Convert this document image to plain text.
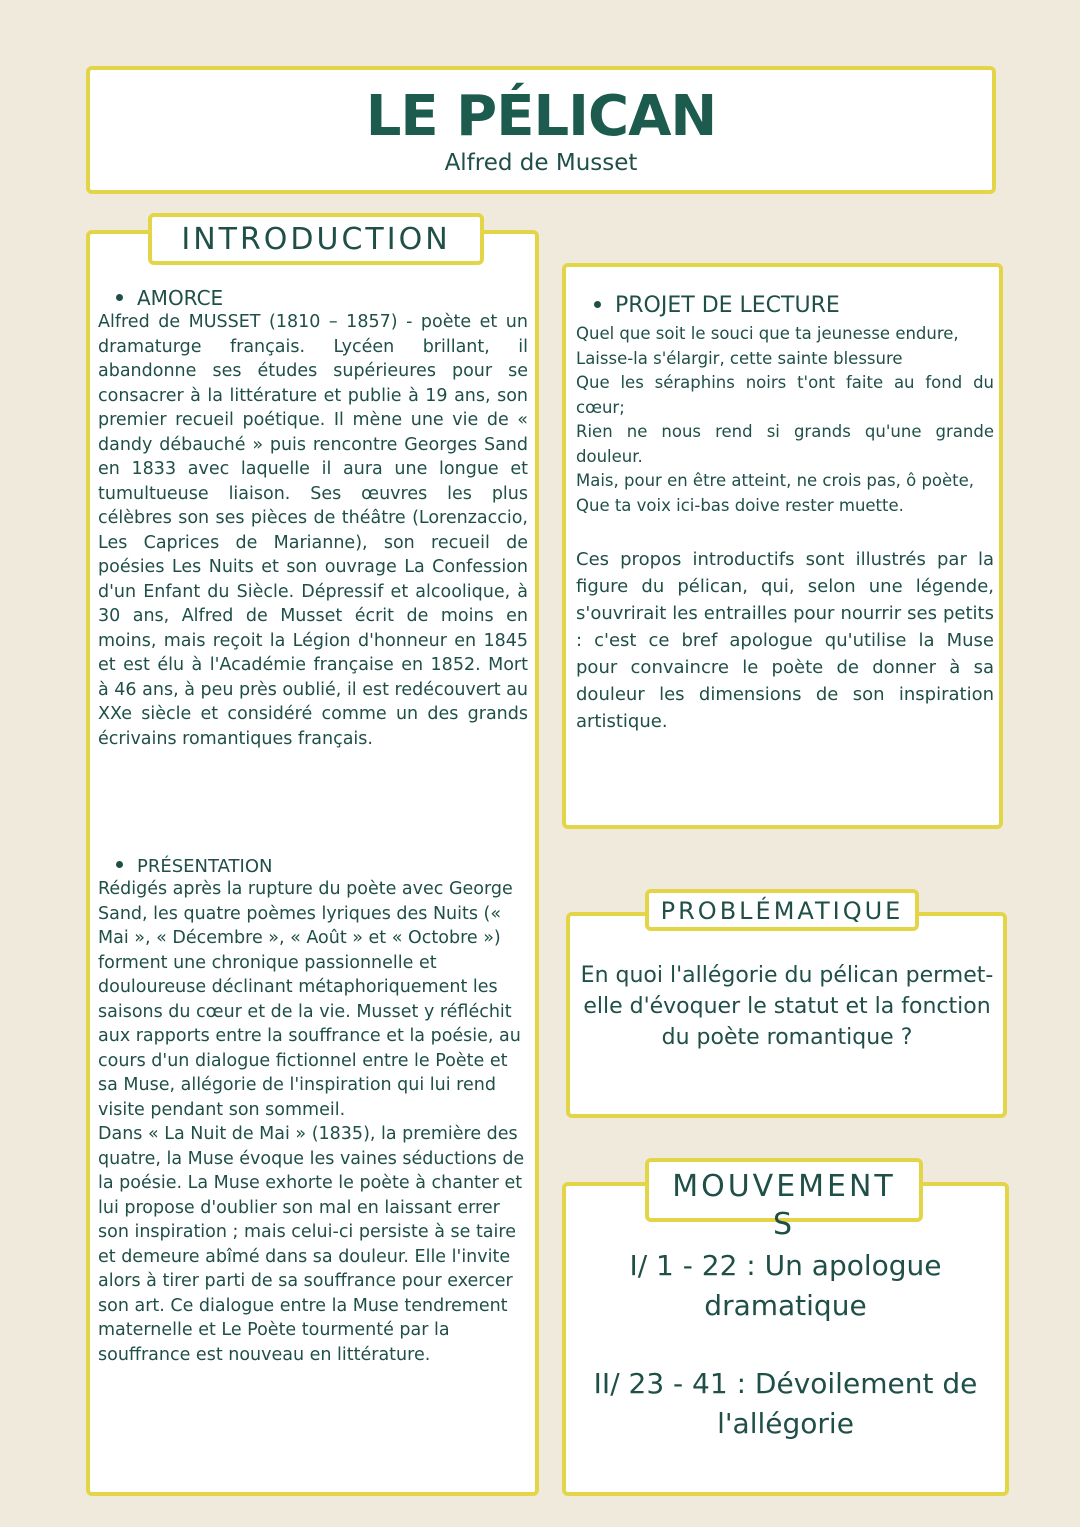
LE PÉLICAN
Alfred de Musset

AMORCE

Alfred de MUSSET (1810 – 1857) - poète et un dramaturge français. Lycéen brillant, il abandonne ses études supérieures pour se consacrer à la littérature et publie à 19 ans, son premier recueil poétique. Il mène une vie de « dandy débauché » puis rencontre Georges Sand en 1833 avec laquelle il aura une longue et tumultueuse liaison. Ses œuvres les plus célèbres son ses pièces de théâtre (Lorenzaccio, Les Caprices de Marianne), son recueil de poésies Les Nuits et son ouvrage La Confession d'un Enfant du Siècle. Dépressif et alcoolique, à 30 ans, Alfred de Musset écrit de moins en moins, mais reçoit la Légion d'honneur en 1845 et est élu à l'Académie française en 1852. Mort à 46 ans, à peu près oublié, il est redécouvert au XXe siècle et considéré comme un des grands écrivains romantiques français.

PRÉSENTATION

Rédigés après la rupture du poète avec George Sand, les quatre poèmes lyriques des Nuits (« Mai », « Décembre », « Août » et « Octobre ») forment une chronique passionnelle et douloureuse déclinant métaphoriquement les saisons du cœur et de la vie. Musset y réfléchit aux rapports entre la souffrance et la poésie, au cours d'un dialogue fictionnel entre le Poète et sa Muse, allégorie de l'inspiration qui lui rend visite pendant son sommeil.

Dans « La Nuit de Mai » (1835), la première des quatre, la Muse évoque les vaines séductions de la poésie. La Muse exhorte le poète à chanter et lui propose d'oublier son mal en laissant errer son inspiration ; mais celui-ci persiste à se taire et demeure abîmé dans sa douleur. Elle l'invite alors à tirer parti de sa souffrance pour exercer son art. Ce dialogue entre la Muse tendrement maternelle et Le Poète tourmenté par la souffrance est nouveau en littérature.

INTRODUCTION

PROJET DE LECTURE

Quel que soit le souci que ta jeunesse endure,

Laisse-la s'élargir, cette sainte blessure

Que les séraphins noirs t'ont faite au fond du cœur;

Rien ne nous rend si grands qu'une grande douleur.

Mais, pour en être atteint, ne crois pas, ô poète,

Que ta voix ici-bas doive rester muette.

Ces propos introductifs sont illustrés par la figure du pélican, qui, selon une légende, s'ouvrirait les entrailles pour nourrir ses petits : c'est ce bref apologue qu'utilise la Muse pour convaincre le poète de donner à sa douleur les dimensions de son inspiration artistique.

En quoi l'allégorie du pélican permet-elle d'évoquer le statut et la fonction du poète romantique ?
PROBLÉMATIQUE
I/ 1 - 22 : Un apologue dramatique
II/ 23 - 41 : Dévoilement de l'allégorie
MOUVEMENTS
